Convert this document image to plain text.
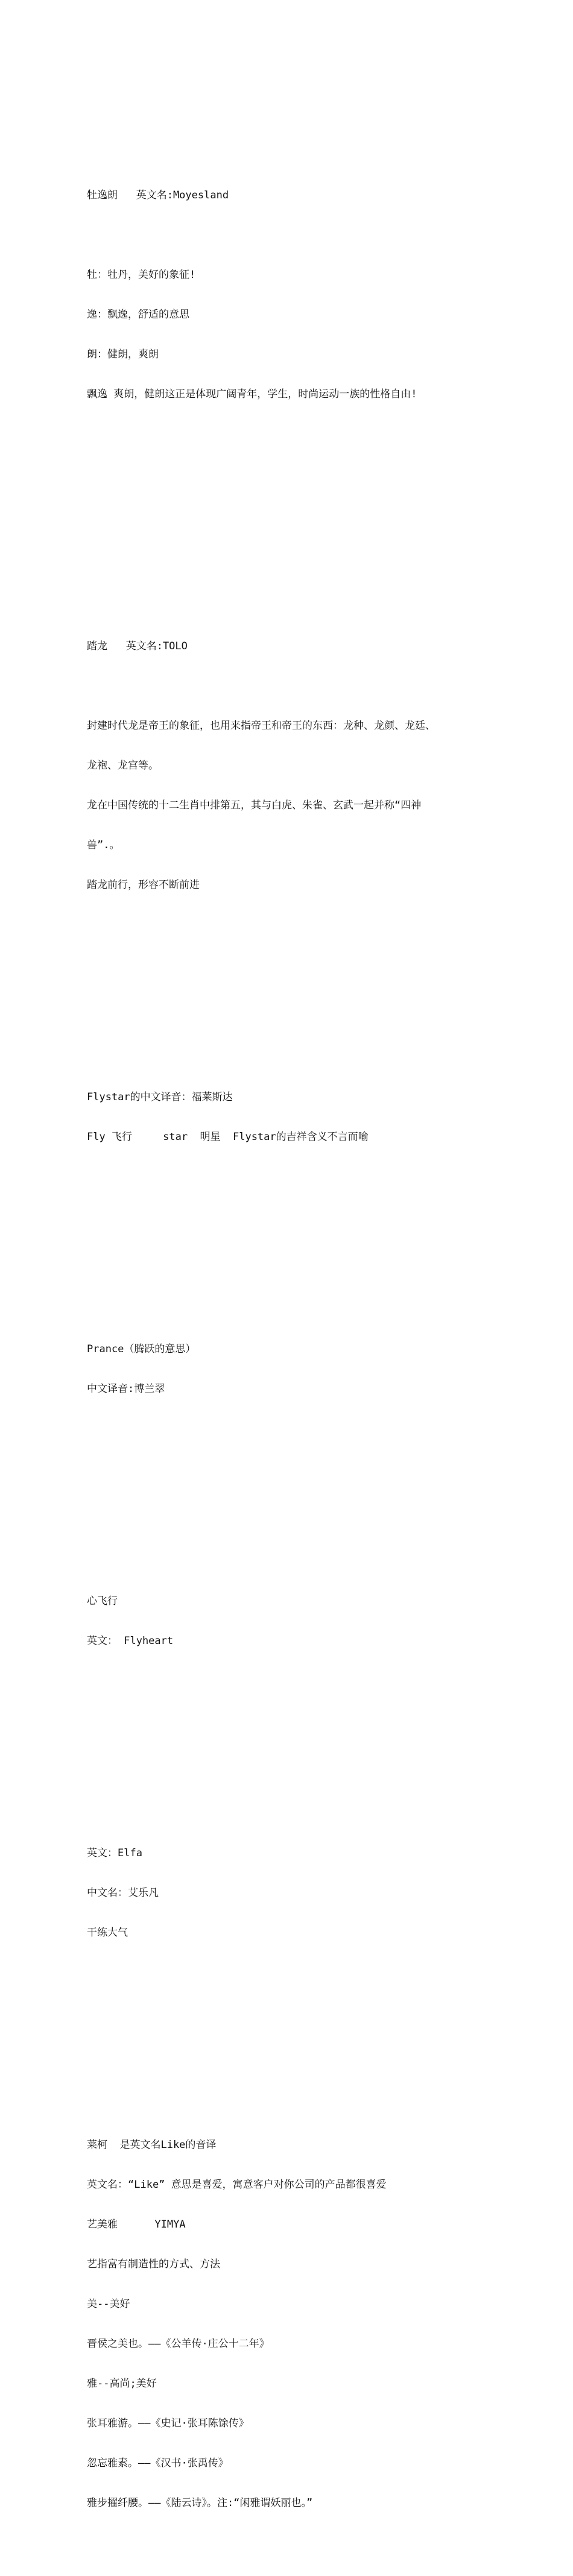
牡逸朗   英文名:Moyesland

牡：牡丹，美好的象征!

逸：飘逸，舒适的意思

朗：健朗，爽朗

飘逸 爽朗，健朗这正是体现广阔青年，学生，时尚运动一族的性格自由!

踏龙   英文名:TOLO

封建时代龙是帝王的象征，也用来指帝王和帝王的东西：龙种、龙颜、龙廷、

龙袍、龙宫等。

龙在中国传统的十二生肖中排第五，其与白虎、朱雀、玄武一起并称“四神

兽”.。

踏龙前行，形容不断前进

Flystar的中文译音：福莱斯达

Fly 飞行     star  明星  Flystar的吉祥含义不言而喻

Prance（腾跃的意思）

中文译音:博兰翠

心飞行

英文： Flyheart

英文：Elfa

中文名：艾乐凡

干练大气

莱柯  是英文名Like的音译

英文名：“Like” 意思是喜爱，寓意客户对你公司的产品都很喜爱

艺美雅      YIMYA

艺指富有制造性的方式、方法

美--美好

晋侯之美也。——《公羊传·庄公十二年》

雅--高尚;美好

张耳雅游。——《史记·张耳陈馀传》

忽忘雅素。——《汉书·张禹传》

雅步擢纤腰。——《陆云诗》。注:“闲雅谓妖丽也。”
